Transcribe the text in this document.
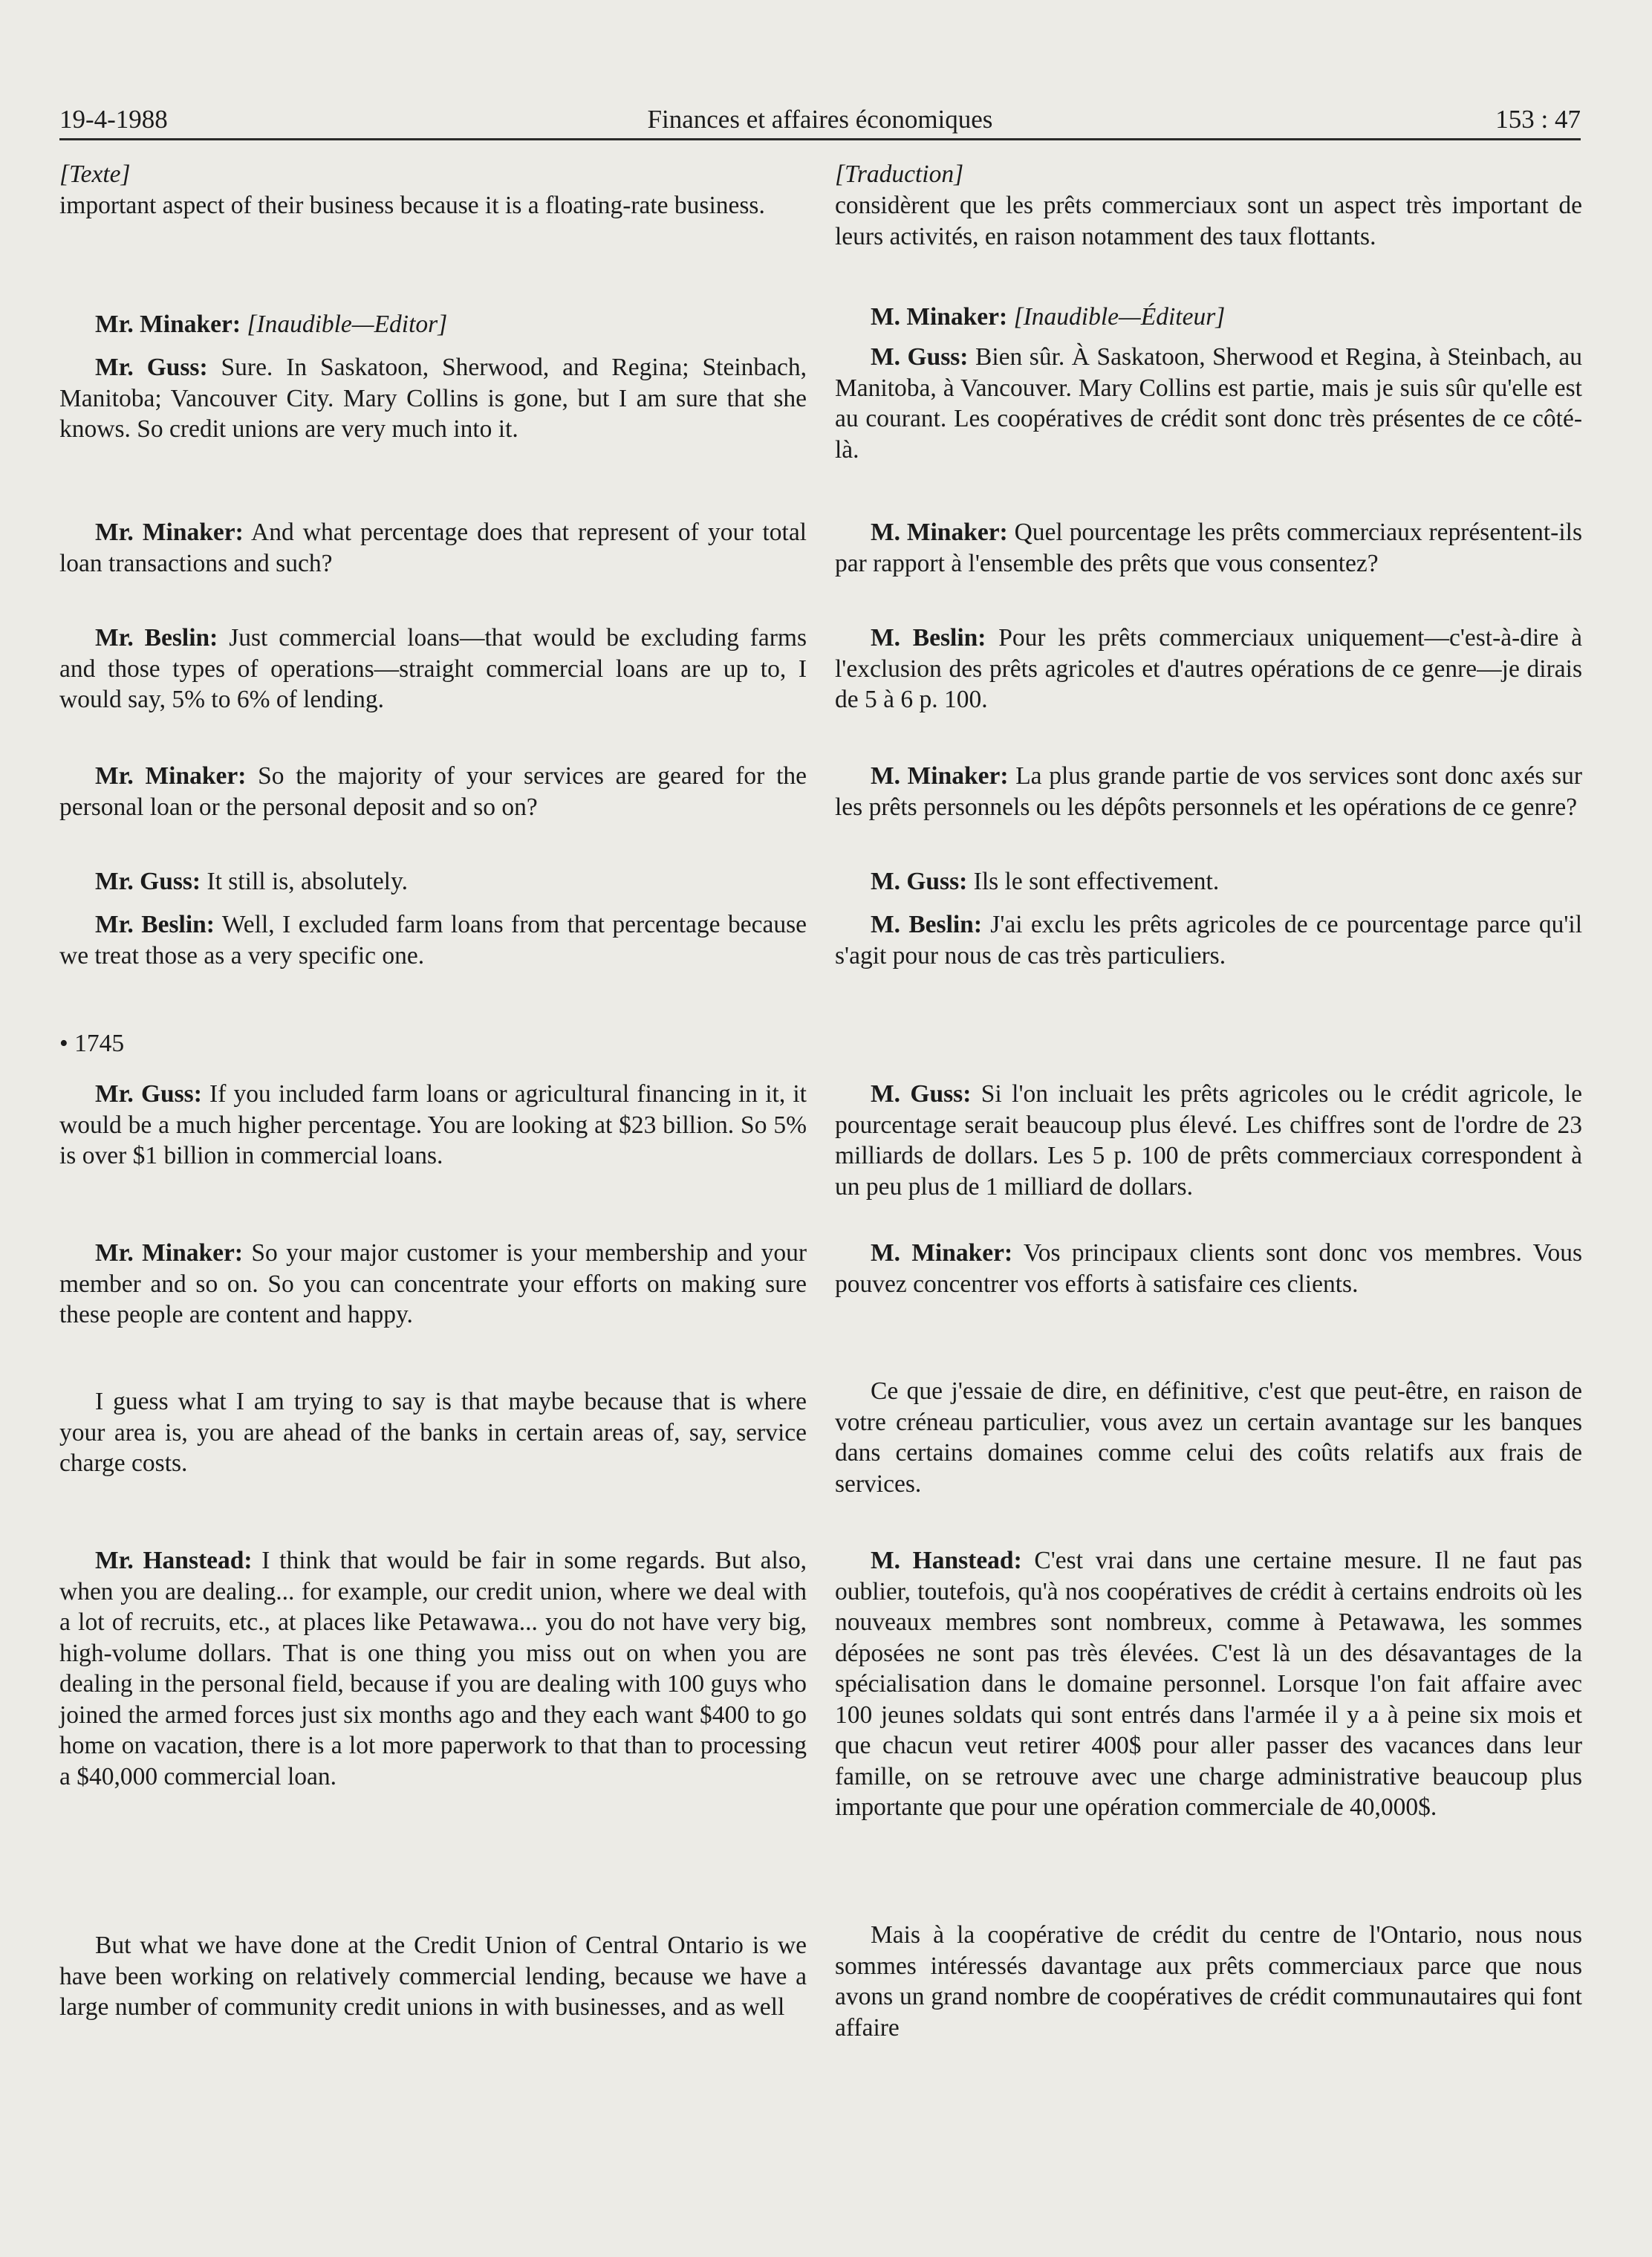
19-4-1988	Finances et affaires économiques	153 : 47

[Texte]

important aspect of their business because it is a floating-rate business.

Mr. Minaker: [Inaudible—Editor]

Mr. Guss: Sure. In Saskatoon, Sherwood, and Regina; Steinbach, Manitoba; Vancouver City. Mary Collins is gone, but I am sure that she knows. So credit unions are very much into it.

Mr. Minaker: And what percentage does that represent of your total loan transactions and such?

Mr. Beslin: Just commercial loans—that would be excluding farms and those types of operations—straight commercial loans are up to, I would say, 5% to 6% of lending.

Mr. Minaker: So the majority of your services are geared for the personal loan or the personal deposit and so on?

Mr. Guss: It still is, absolutely.

Mr. Beslin: Well, I excluded farm loans from that percentage because we treat those as a very specific one.

• 1745

Mr. Guss: If you included farm loans or agricultural financing in it, it would be a much higher percentage. You are looking at $23 billion. So 5% is over $1 billion in commercial loans.

Mr. Minaker: So your major customer is your membership and your member and so on. So you can concentrate your efforts on making sure these people are content and happy.

I guess what I am trying to say is that maybe because that is where your area is, you are ahead of the banks in certain areas of, say, service charge costs.

Mr. Hanstead: I think that would be fair in some regards. But also, when you are dealing... for example, our credit union, where we deal with a lot of recruits, etc., at places like Petawawa... you do not have very big, high-volume dollars. That is one thing you miss out on when you are dealing in the personal field, because if you are dealing with 100 guys who joined the armed forces just six months ago and they each want $400 to go home on vacation, there is a lot more paperwork to that than to processing a $40,000 commercial loan.

But what we have done at the Credit Union of Central Ontario is we have been working on relatively commercial lending, because we have a large number of community credit unions in with businesses, and as well

[Traduction]

considèrent que les prêts commerciaux sont un aspect très important de leurs activités, en raison notamment des taux flottants.

M. Minaker: [Inaudible—Éditeur]

M. Guss: Bien sûr. À Saskatoon, Sherwood et Regina, à Steinbach, au Manitoba, à Vancouver. Mary Collins est partie, mais je suis sûr qu'elle est au courant. Les coopératives de crédit sont donc très présentes de ce côté-là.

M. Minaker: Quel pourcentage les prêts commerciaux représentent-ils par rapport à l'ensemble des prêts que vous consentez?

M. Beslin: Pour les prêts commerciaux uniquement—c'est-à-dire à l'exclusion des prêts agricoles et d'autres opérations de ce genre—je dirais de 5 à 6 p. 100.

M. Minaker: La plus grande partie de vos services sont donc axés sur les prêts personnels ou les dépôts personnels et les opérations de ce genre?

M. Guss: Ils le sont effectivement.

M. Beslin: J'ai exclu les prêts agricoles de ce pourcentage parce qu'il s'agit pour nous de cas très particuliers.

M. Guss: Si l'on incluait les prêts agricoles ou le crédit agricole, le pourcentage serait beaucoup plus élevé. Les chiffres sont de l'ordre de 23 milliards de dollars. Les 5 p. 100 de prêts commerciaux correspondent à un peu plus de 1 milliard de dollars.

M. Minaker: Vos principaux clients sont donc vos membres. Vous pouvez concentrer vos efforts à satisfaire ces clients.

Ce que j'essaie de dire, en définitive, c'est que peut-être, en raison de votre créneau particulier, vous avez un certain avantage sur les banques dans certains domaines comme celui des coûts relatifs aux frais de services.

M. Hanstead: C'est vrai dans une certaine mesure. Il ne faut pas oublier, toutefois, qu'à nos coopératives de crédit à certains endroits où les nouveaux membres sont nombreux, comme à Petawawa, les sommes déposées ne sont pas très élevées. C'est là un des désavantages de la spécialisation dans le domaine personnel. Lorsque l'on fait affaire avec 100 jeunes soldats qui sont entrés dans l'armée il y a à peine six mois et que chacun veut retirer 400$ pour aller passer des vacances dans leur famille, on se retrouve avec une charge administrative beaucoup plus importante que pour une opération commerciale de 40,000$.

Mais à la coopérative de crédit du centre de l'Ontario, nous nous sommes intéressés davantage aux prêts commerciaux parce que nous avons un grand nombre de coopératives de crédit communautaires qui font affaire
